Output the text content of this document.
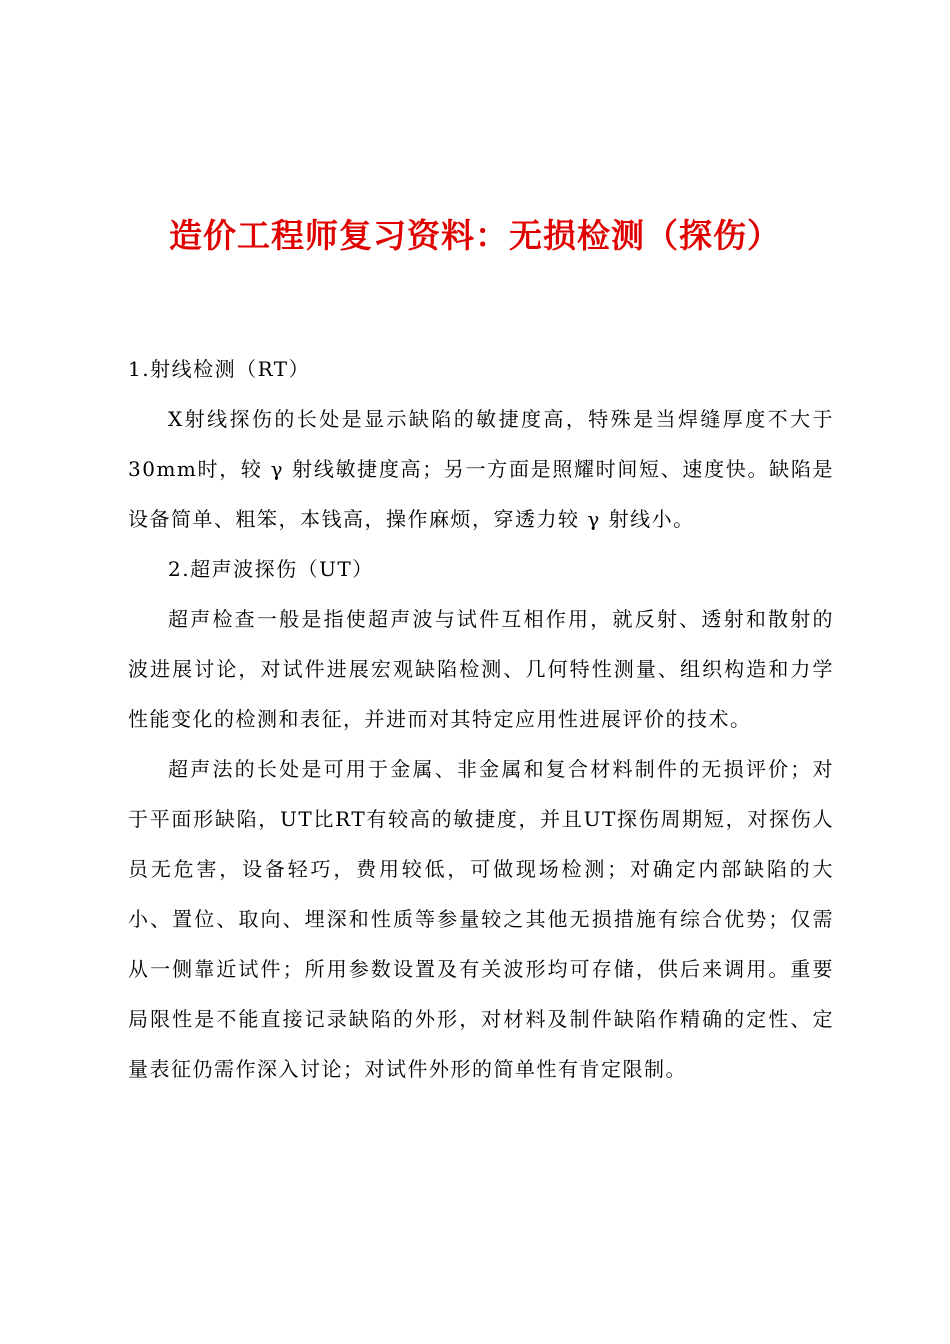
造价工程师复习资料：无损检测（探伤）

1.射线检测（RT）

X射线探伤的长处是显示缺陷的敏捷度高，特殊是当焊缝厚度不大于30mm时，较 γ 射线敏捷度高；另一方面是照耀时间短、速度快。缺陷是设备简单、粗笨，本钱高，操作麻烦，穿透力较 γ 射线小。

2.超声波探伤（UT）

超声检查一般是指使超声波与试件互相作用，就反射、透射和散射的波进展讨论，对试件进展宏观缺陷检测、几何特性测量、组织构造和力学性能变化的检测和表征，并进而对其特定应用性进展评价的技术。

超声法的长处是可用于金属、非金属和复合材料制件的无损评价；对于平面形缺陷，UT比RT有较高的敏捷度，并且UT探伤周期短，对探伤人员无危害，设备轻巧，费用较低，可做现场检测；对确定内部缺陷的大小、置位、取向、埋深和性质等参量较之其他无损措施有综合优势；仅需从一侧靠近试件；所用参数设置及有关波形均可存储，供后来调用。重要局限性是不能直接记录缺陷的外形，对材料及制件缺陷作精确的定性、定量表征仍需作深入讨论；对试件外形的简单性有肯定限制。
